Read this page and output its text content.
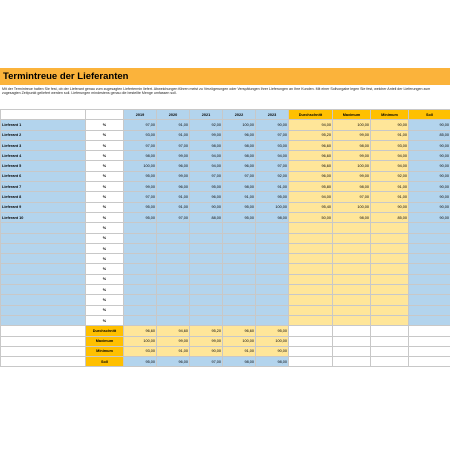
Termintreue der Lieferanten
Mit der Termintreue halten Sie fest, ob der Lieferant genau zum zugesagten Liefertermin liefert. Abweichungen führen meist zu Verzögerungen oder Verspätungen Ihrer Lieferungen an Ihre Kunden. Mit einer Sollvorgabe legen Sie fest, welcher Anteil der Lieferungen zum zugesagten Zeitpunkt geliefert werden soll. Lieferungen mindestens genau die bestellte Menge umfassen soll.
		2019	2020	2021	2022	2023	Durchschnitt	Maximum	Minimum	Soll
Lieferant 1	%	97,00	91,00	92,00	100,00	90,00	94,00	100,00	90,00	90,00
Lieferant 2	%	93,00	91,00	99,00	96,00	97,00	95,20	99,00	91,00	85,00
Lieferant 3	%	97,00	97,00	98,00	98,00	93,00	96,60	98,00	93,00	90,00
Lieferant 4	%	98,00	99,00	94,00	98,00	94,00	96,60	99,00	94,00	90,00
Lieferant 5	%	100,00	96,00	94,00	96,00	97,00	96,60	100,00	94,00	90,00
Lieferant 6	%	95,00	99,00	97,00	97,00	92,00	96,00	99,00	92,00	90,00
Lieferant 7	%	99,00	96,00	95,00	98,00	91,00	95,80	98,00	91,00	90,00
Lieferant 8	%	97,00	91,00	96,00	91,00	95,00	94,00	97,00	91,00	90,00
Lieferant 9	%	95,00	91,00	90,00	95,00	100,00	95,40	100,00	90,00	90,00
Lieferant 10	%	95,00	97,00	88,00	95,00	98,00	50,00	98,00	85,00	90,00
	%									
	%									
	%									
	%									
	%									
	%									
	%									
	%									
	%									
	%									
	Durchschnitt	96,60	94,60	95,20	96,60	95,00				
	Maximum	100,00	99,00	99,00	100,00	100,00				
	Minimum	93,00	91,00	90,00	91,00	90,00				
	Soll	95,00	96,00	97,00	98,00	98,00				
